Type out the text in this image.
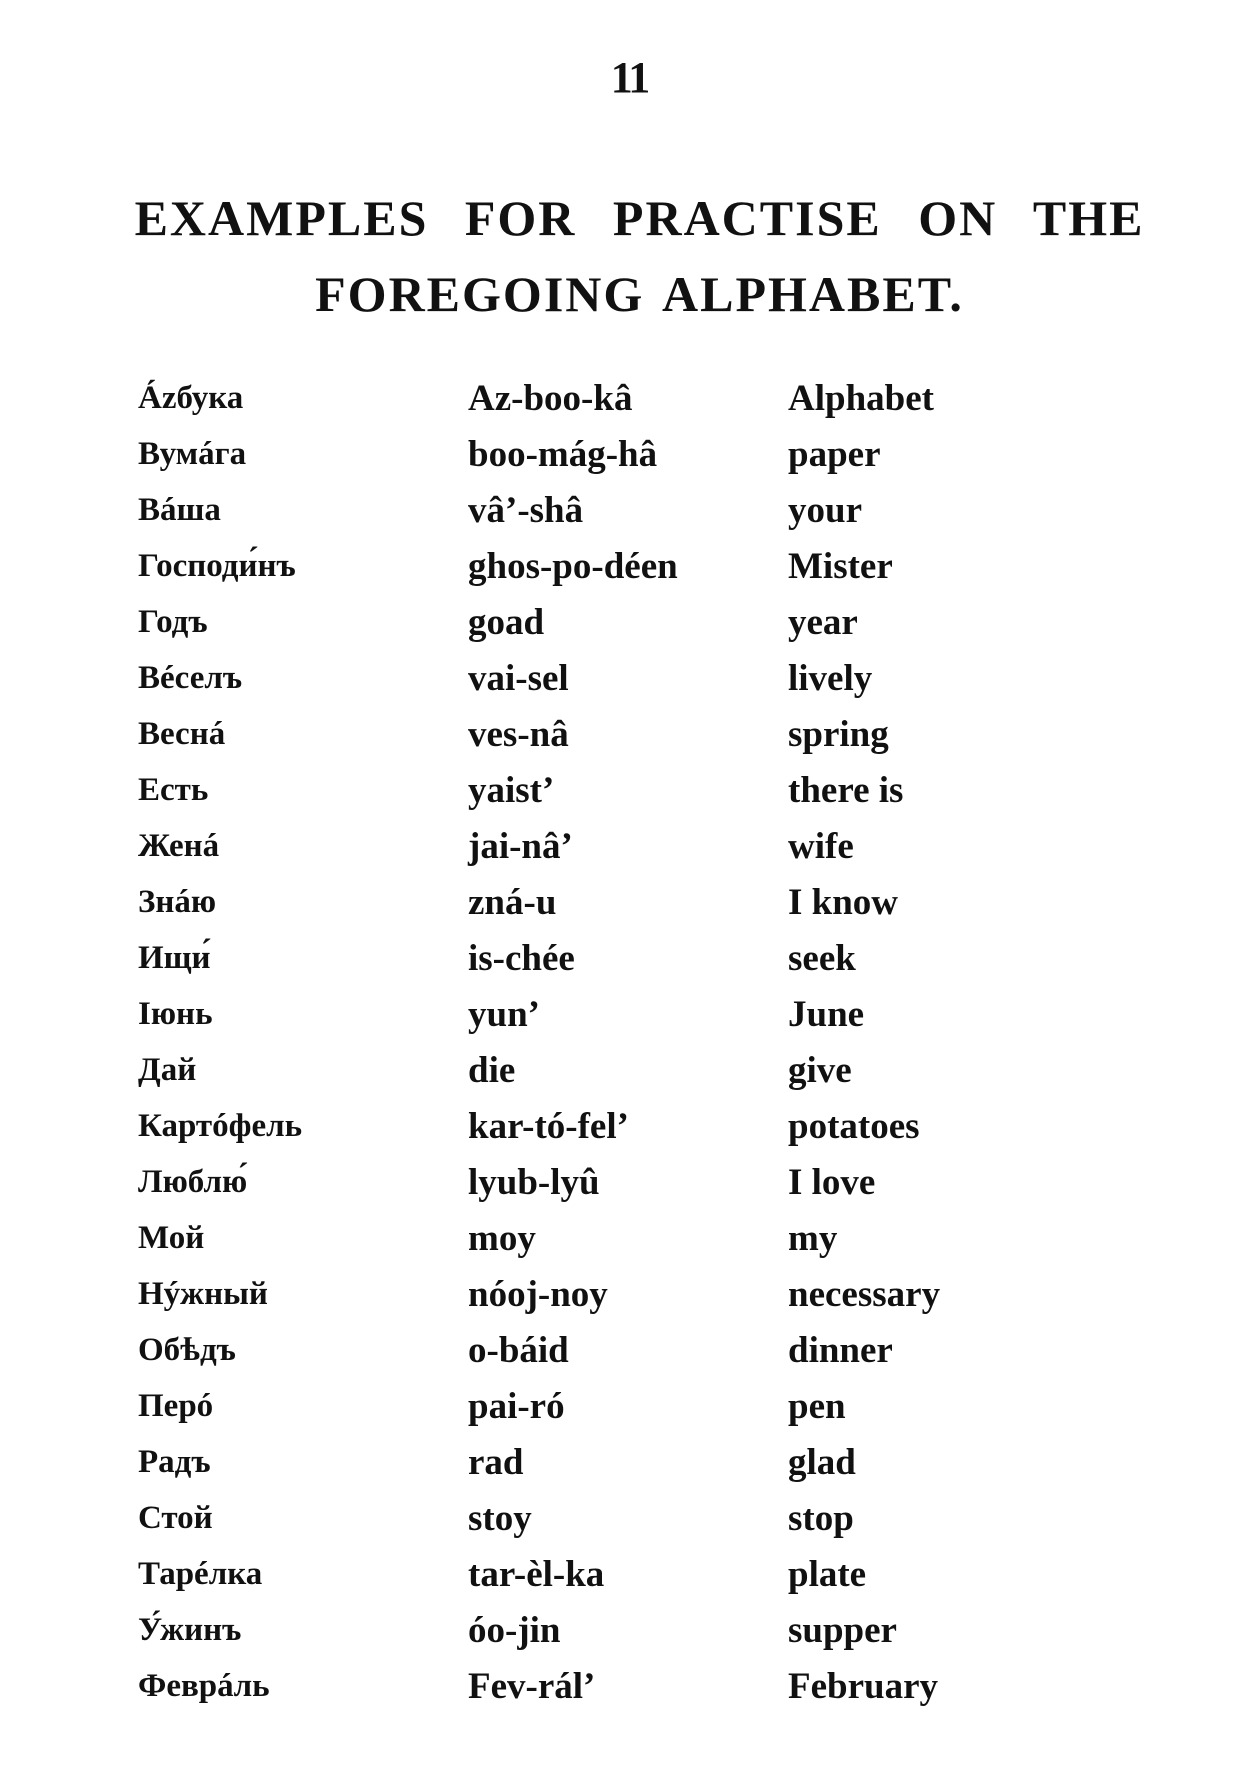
11
EXAMPLES FOR PRACTISE ON THE
FOREGOING ALPHABET.
Ázбука	Az-boo-kâ	Alphabet
Вумáга	boo-mág-hâ	paper
Вáша	vâ’-shâ	your
Господи́нъ	ghos-po-déen	Mister
Годъ	goad	year
Вéселъ	vai-sel	lively
Веснá	ves-nâ	spring
Есть	yaist’	there is
Женá	jai-nâ’	wife
Знáю	zná-u	I know
Ищи́	is-chée	seek
Іюнь	yun’	June
Дай	die	give
Картóфель	kar-tó-fel’	potatoes
Люблю́	lyub-lyû	I love
Мой	moy	my
Нýжный	nóoj-noy	necessary
Обѣдъ	o-báid	dinner
Перó	pai-ró	pen
Радъ	rad	glad
Стой	stoy	stop
Тарéлка	tar-èl-ka	plate
У́жинъ	óo-jin	supper
Феврáль	Fev-rál’	February
